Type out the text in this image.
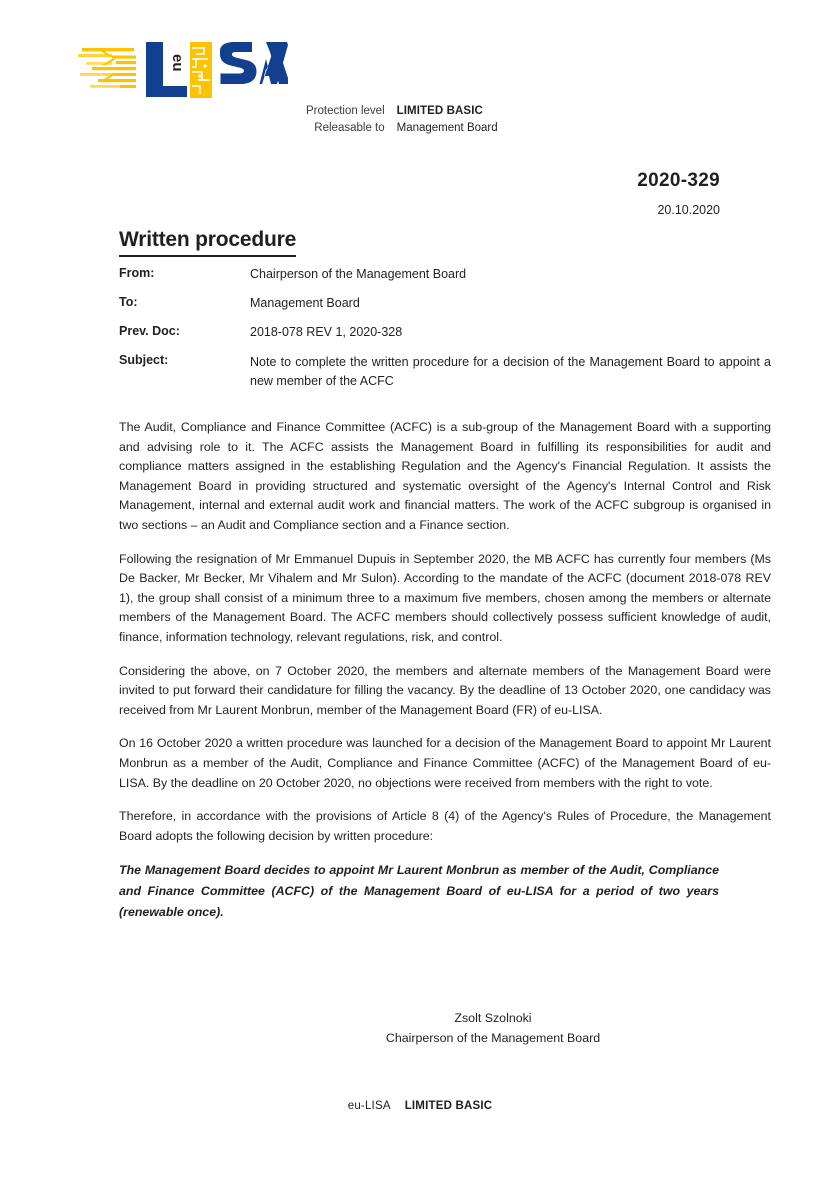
eu
Protection level	LIMITED BASIC
Releasable to	Management Board
2020-329
20.10.2020
Written procedure
From:	Chairperson of the Management Board
To:	Management Board
Prev. Doc:	2018-078 REV 1, 2020-328
Subject:	Note to complete the written procedure for a decision of the Management Board to appoint a new member of the ACFC

The Audit, Compliance and Finance Committee (ACFC) is a sub-group of the Management Board with a supporting and advising role to it. The ACFC assists the Management Board in fulfilling its responsibilities for audit and compliance matters assigned in the establishing Regulation and the Agency's Financial Regulation. It assists the Management Board in providing structured and systematic oversight of the Agency's Internal Control and Risk Management, internal and external audit work and financial matters. The work of the ACFC subgroup is organised in two sections – an Audit and Compliance section and a Finance section.

Following the resignation of Mr Emmanuel Dupuis in September 2020, the MB ACFC has currently four members (Ms De Backer, Mr Becker, Mr Vihalem and Mr Sulon). According to the mandate of the ACFC (document 2018-078 REV 1), the group shall consist of a minimum three to a maximum five members, chosen among the members or alternate members of the Management Board. The ACFC members should collectively possess sufficient knowledge of audit, finance, information technology, relevant regulations, risk, and control.

Considering the above, on 7 October 2020, the members and alternate members of the Management Board were invited to put forward their candidature for filling the vacancy. By the deadline of 13 October 2020, one candidacy was received from Mr Laurent Monbrun, member of the Management Board (FR) of eu-LISA.

On 16 October 2020 a written procedure was launched for a decision of the Management Board to appoint Mr Laurent Monbrun as a member of the Audit, Compliance and Finance Committee (ACFC) of the Management Board of eu-LISA. By the deadline on 20 October 2020, no objections were received from members with the right to vote.

Therefore, in accordance with the provisions of Article 8 (4) of the Agency's Rules of Procedure, the Management Board adopts the following decision by written procedure:

The Management Board decides to appoint Mr Laurent Monbrun as member of the Audit, Compliance and Finance Committee (ACFC) of the Management Board of eu-LISA for a period of two years (renewable once).

Zsolt Szolnoki
Chairperson of the Management Board
eu-LISA LIMITED BASIC
